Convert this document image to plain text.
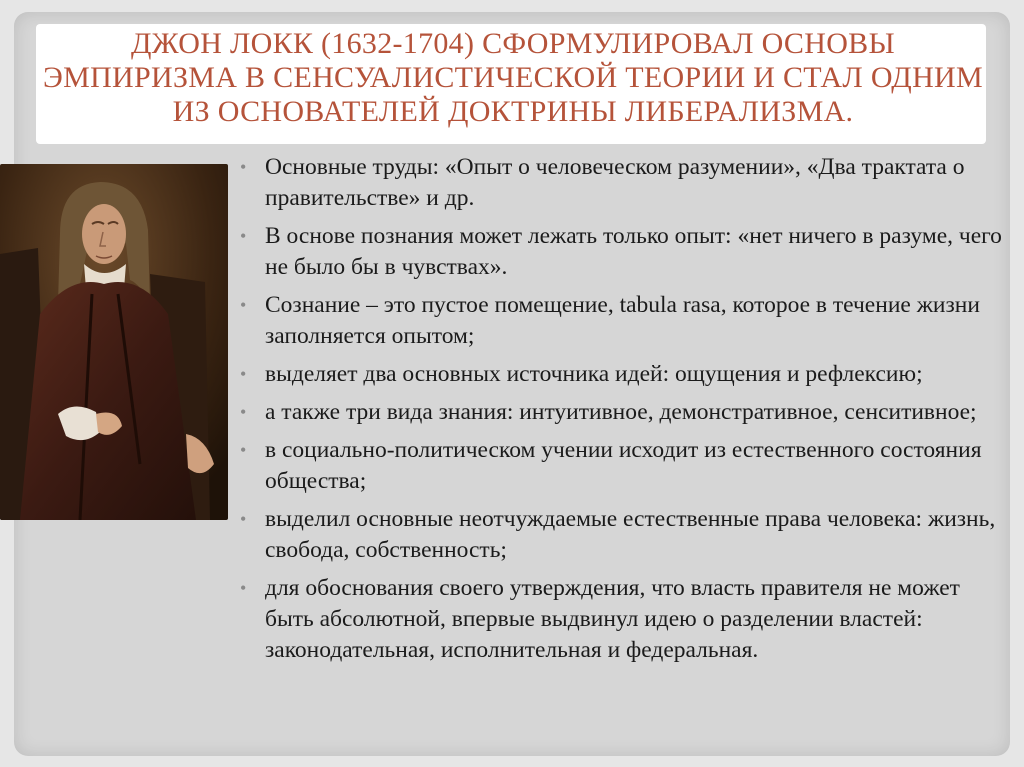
ДЖОН ЛОКК (1632-1704) СФОРМУЛИРОВАЛ ОСНОВЫ ЭМПИРИЗМА В СЕНСУАЛИСТИЧЕСКОЙ ТЕОРИИ И СТАЛ ОДНИМ ИЗ ОСНОВАТЕЛЕЙ ДОКТРИНЫ ЛИБЕРАЛИЗМА.
• Основные труды: «Опыт о человеческом разумении», «Два трактата о правительстве» и др.
• В основе познания может лежать только опыт: «нет ничего в разуме, чего не было бы в чувствах».
• Сознание – это пустое помещение, tabula rasa, которое в течение жизни заполняется опытом;
• выделяет два основных источника идей: ощущения и рефлексию;
• а также три вида знания: интуитивное, демонстративное, сенситивное;
• в социально-политическом учении исходит из естественного состояния общества;
• выделил основные неотчуждаемые естественные права человека: жизнь, свобода, собственность;
• для обоснования своего утверждения, что власть правителя не может быть абсолютной, впервые выдвинул идею о разделении властей: законодательная, исполнительная и федеральная.
